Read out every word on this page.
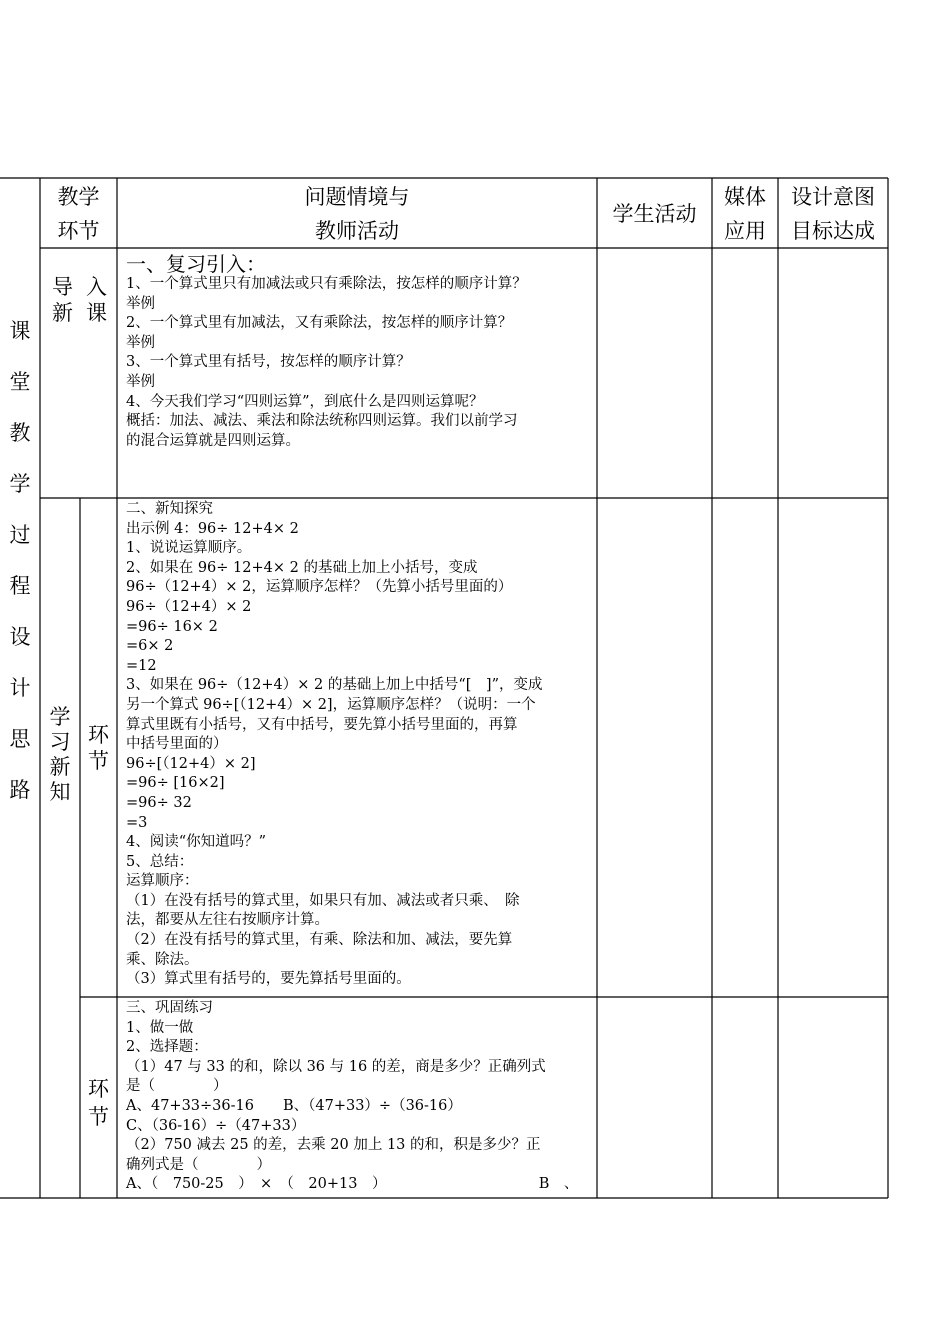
教学
环节
问题情境与
教师活动
学生活动
媒体
应用
设计意图
目标达成
课
堂
教
学
过
程
设
计
思
路
导 入
新 课
一、复习引入：
1、一个算式里只有加减法或只有乘除法，按怎样的顺序计算？
举例
2、一个算式里有加减法，又有乘除法，按怎样的顺序计算？
举例
3、一个算式里有括号，按怎样的顺序计算？
举例
4、今天我们学习“四则运算”，到底什么是四则运算呢？
概括：加法、减法、乘法和除法统称四则运算。我们以前学习
的混合运算就是四则运算。
学
习
新
知
环
节
二、新知探究
出示例 4：96÷ 12+4× 2
1、说说运算顺序。
2、如果在 96÷ 12+4× 2 的基础上加上小括号，变成
96÷（12+4）× 2，运算顺序怎样？（先算小括号里面的）
96÷（12+4）× 2
=96÷ 16× 2
=6× 2
=12
3、如果在 96÷（12+4）× 2 的基础上加上中括号“[　]”，变成
另一个算式 96÷[（12+4）× 2]，运算顺序怎样？（说明：一个
算式里既有小括号，又有中括号，要先算小括号里面的，再算
中括号里面的）
96÷[（12+4）× 2]
=96÷ [16×2]
=96÷ 32
=3
4、阅读“你知道吗？”
5、总结：
运算顺序：
（1）在没有括号的算式里，如果只有加、减法或者只乘、　除
法，都要从左往右按顺序计算。
（2）在没有括号的算式里，有乘、除法和加、减法，要先算
乘、除法。
（3）算式里有括号的，要先算括号里面的。
环
节
三、巩固练习
1、做一做
2、选择题：
（1）47 与 33 的和，除以 36 与 16 的差，商是多少？正确列式
是（　　　　）
A、47+33÷36-16　　B、（47+33）÷（36-16）
C、（36-16）÷（47+33）
（2）750 减去 25 的差，去乘 20 加上 13 的和，积是多少？正
确列式是（　　　　）
A、（　750-25　）　×　（　20+13　）　　　　　　　　　　　B　、
